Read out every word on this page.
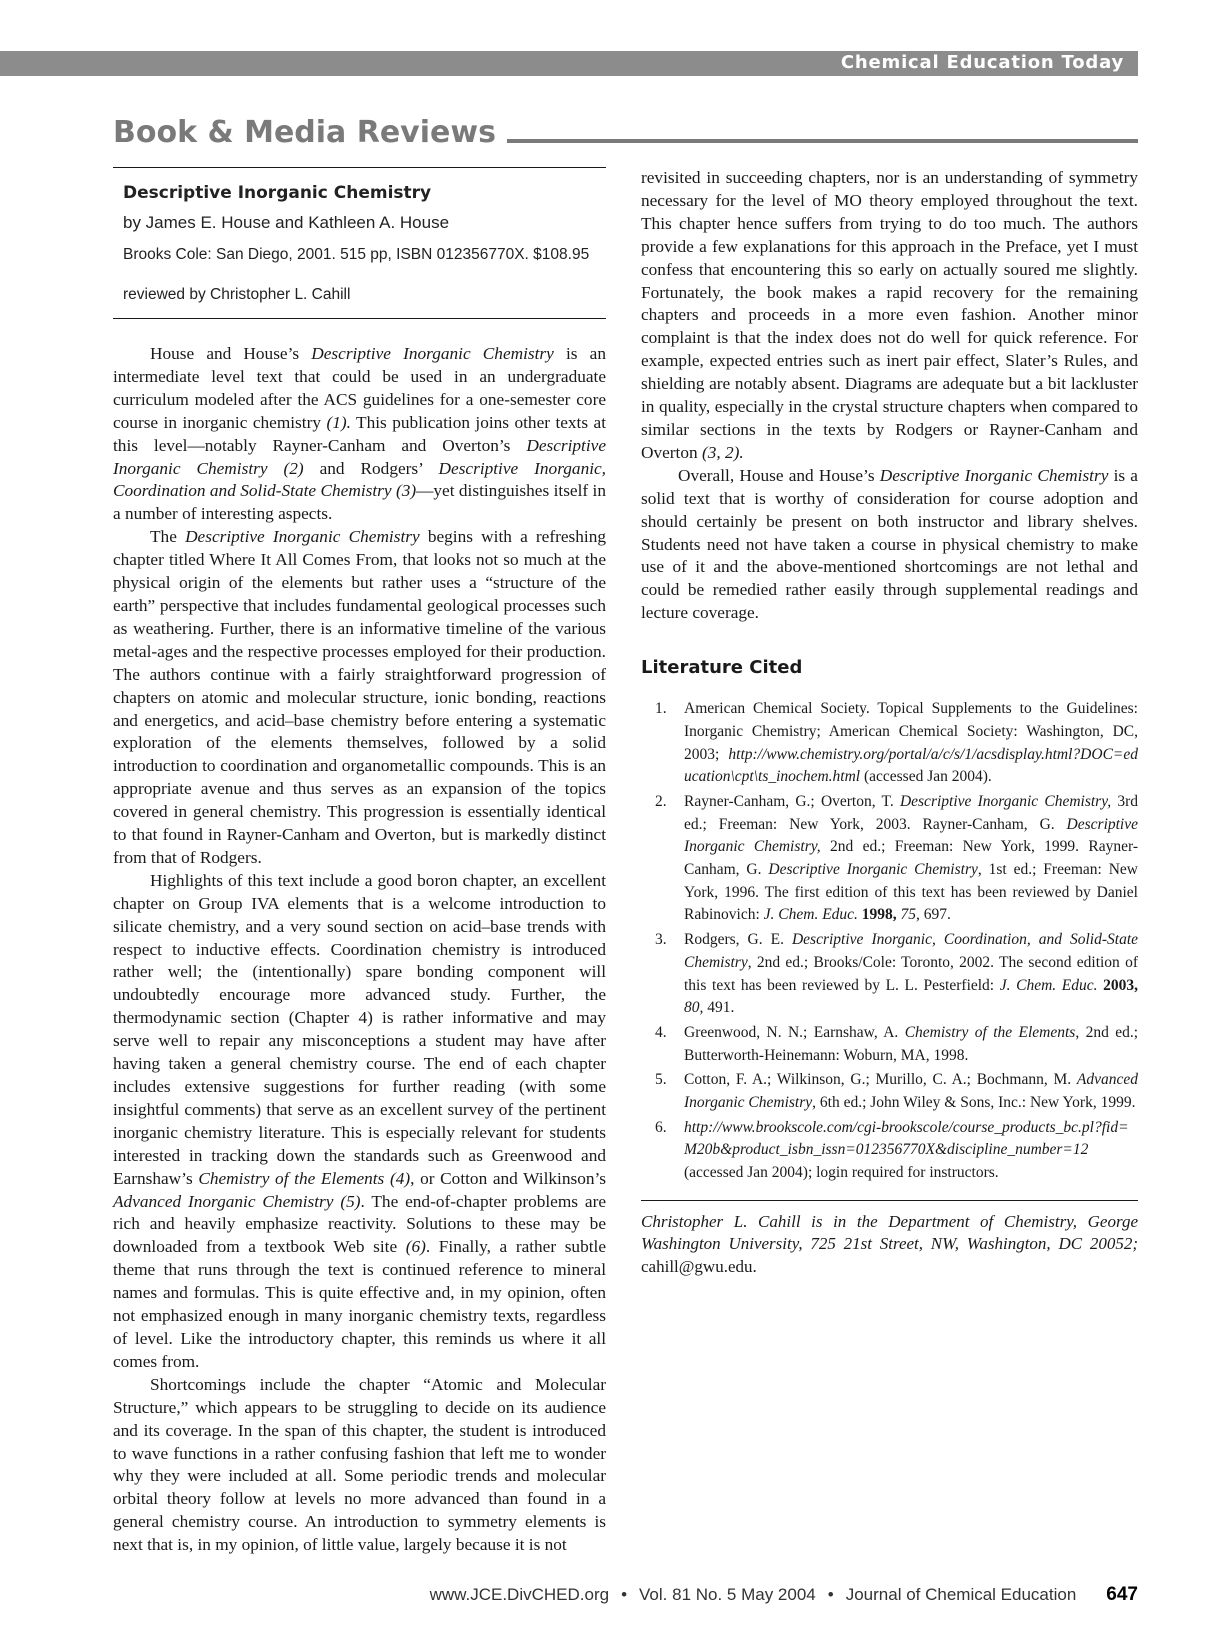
Chemical Education Today
Book & Media Reviews
Descriptive Inorganic Chemistry
by James E. House and Kathleen A. House
Brooks Cole: San Diego, 2001. 515 pp, ISBN 012356770X. $108.95
reviewed by Christopher L. Cahill

House and House’s Descriptive Inorganic Chemistry is an intermediate level text that could be used in an undergraduate curriculum modeled after the ACS guidelines for a one-semester core course in inorganic chemistry (1). This publication joins other texts at this level—notably Rayner-Canham and Overton’s Descriptive Inorganic Chemistry (2) and Rodgers’ Descriptive Inorganic, Coordination and Solid-State Chemistry (3)—yet distinguishes itself in a number of interesting aspects.

The Descriptive Inorganic Chemistry begins with a refreshing chapter titled Where It All Comes From, that looks not so much at the physical origin of the elements but rather uses a “structure of the earth” perspective that includes fundamental geological processes such as weathering. Further, there is an informative timeline of the various metal-ages and the respective processes employed for their production. The authors continue with a fairly straightforward progression of chapters on atomic and molecular structure, ionic bonding, reactions and energetics, and acid–base chemistry before entering a systematic exploration of the elements themselves, followed by a solid introduction to coordination and organometallic compounds. This is an appropriate avenue and thus serves as an expansion of the topics covered in general chemistry. This progression is essentially identical to that found in Rayner-Canham and Overton, but is markedly distinct from that of Rodgers.

Highlights of this text include a good boron chapter, an excellent chapter on Group IVA elements that is a welcome introduction to silicate chemistry, and a very sound section on acid–base trends with respect to inductive effects. Coordination chemistry is introduced rather well; the (intentionally) spare bonding component will undoubtedly encourage more advanced study. Further, the thermodynamic section (Chapter 4) is rather informative and may serve well to repair any misconceptions a student may have after having taken a general chemistry course. The end of each chapter includes extensive suggestions for further reading (with some insightful comments) that serve as an excellent survey of the pertinent inorganic chemistry literature. This is especially relevant for students interested in tracking down the standards such as Greenwood and Earnshaw’s Chemistry of the Elements (4), or Cotton and Wilkinson’s Advanced Inorganic Chemistry (5). The end-of-chapter problems are rich and heavily emphasize reactivity. Solutions to these may be downloaded from a textbook Web site (6). Finally, a rather subtle theme that runs through the text is continued reference to mineral names and formulas. This is quite effective and, in my opinion, often not emphasized enough in many inorganic chemistry texts, regardless of level. Like the introductory chapter, this reminds us where it all comes from.

Shortcomings include the chapter “Atomic and Molecular Structure,” which appears to be struggling to decide on its audience and its coverage. In the span of this chapter, the student is introduced to wave functions in a rather confusing fashion that left me to wonder why they were included at all. Some periodic trends and molecular orbital theory follow at levels no more advanced than found in a general chemistry course. An introduction to symmetry elements is next that is, in my opinion, of little value, largely because it is not

revisited in succeeding chapters, nor is an understanding of symmetry necessary for the level of MO theory employed throughout the text. This chapter hence suffers from trying to do too much. The authors provide a few explanations for this approach in the Preface, yet I must confess that encountering this so early on actually soured me slightly. Fortunately, the book makes a rapid recovery for the remaining chapters and proceeds in a more even fashion. Another minor complaint is that the index does not do well for quick reference. For example, expected entries such as inert pair effect, Slater’s Rules, and shielding are notably absent. Diagrams are adequate but a bit lackluster in quality, especially in the crystal structure chapters when compared to similar sections in the texts by Rodgers or Rayner-Canham and Overton (3, 2).

Overall, House and House’s Descriptive Inorganic Chemistry is a solid text that is worthy of consideration for course adoption and should certainly be present on both instructor and library shelves. Students need not have taken a course in physical chemistry to make use of it and the above-mentioned shortcomings are not lethal and could be remedied rather easily through supplemental readings and lecture coverage.

Literature Cited
1.	American Chemical Society. Topical Supplements to the Guidelines: Inorganic Chemistry; American Chemical Society: Washington, DC, 2003; http://www.chemistry.org/portal/a/c/s/1/acsdisplay.html?DOC=education\cpt\ts_inochem.html (accessed Jan 2004).
2.	Rayner-Canham, G.; Overton, T. Descriptive Inorganic Chemistry, 3rd ed.; Freeman: New York, 2003. Rayner-Canham, G. Descriptive Inorganic Chemistry, 2nd ed.; Freeman: New York, 1999. Rayner-Canham, G. Descriptive Inorganic Chemistry, 1st ed.; Freeman: New York, 1996. The first edition of this text has been reviewed by Daniel Rabinovich: J. Chem. Educ. 1998, 75, 697.
3.	Rodgers, G. E. Descriptive Inorganic, Coordination, and Solid-State Chemistry, 2nd ed.; Brooks/Cole: Toronto, 2002. The second edition of this text has been reviewed by L. L. Pesterfield: J. Chem. Educ. 2003, 80, 491.
4.	Greenwood, N. N.; Earnshaw, A. Chemistry of the Elements, 2nd ed.; Butterworth-Heinemann: Woburn, MA, 1998.
5.	Cotton, F. A.; Wilkinson, G.; Murillo, C. A.; Bochmann, M. Advanced Inorganic Chemistry, 6th ed.; John Wiley & Sons, Inc.: New York, 1999.
6.	http://www.brookscole.com/cgi-brookscole/course_products_bc.pl?fid=M20b&product_isbn_issn=012356770X&discipline_number=12 (accessed Jan 2004); login required for instructors.
Christopher L. Cahill is in the Department of Chemistry, George Washington University, 725 21st Street, NW, Washington, DC 20052; cahill@gwu.edu.
www.JCE.DivCHED.org • Vol. 81 No. 5 May 2004 • Journal of Chemical Education 647
